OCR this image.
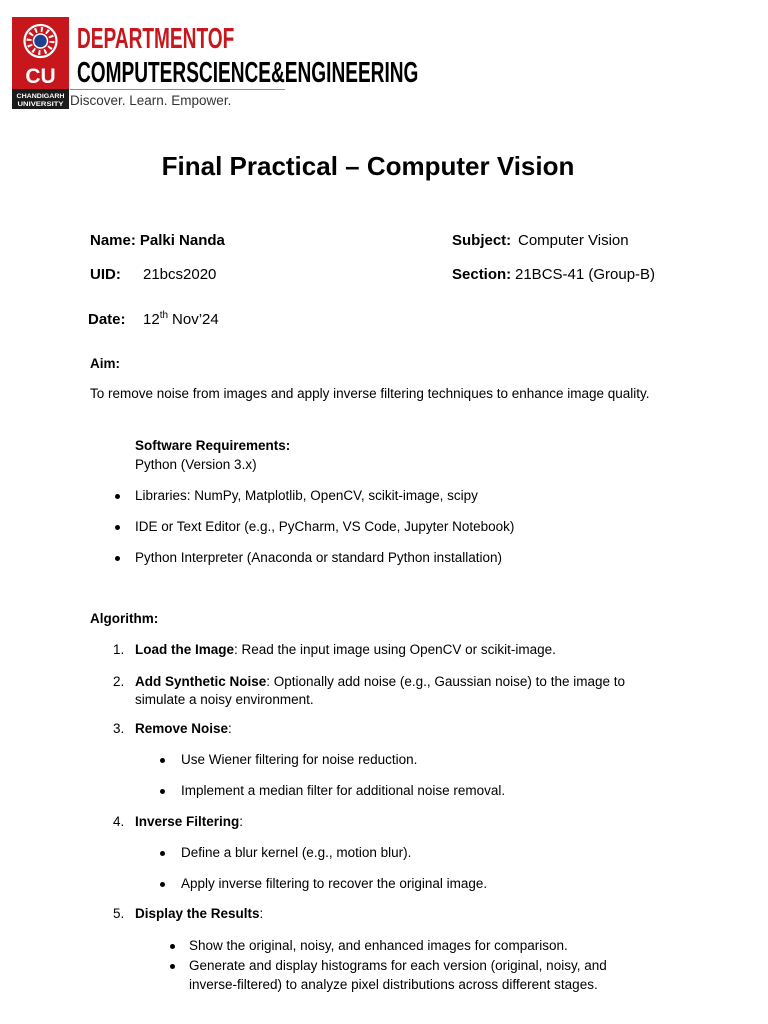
CU
CHANDIGARH
UNIVERSITY
DEPARTMENTOF
COMPUTERSCIENCE&ENGINEERING
Discover. Learn. Empower.
Final Practical – Computer Vision
Name: Palki Nanda	Subject: Computer Vision
UID: 21bcs2020	Section: 21BCS-41 (Group-B)
Date: 12th Nov’24
Aim:
To remove noise from images and apply inverse filtering techniques to enhance image quality.
Software Requirements:
Python (Version 3.x)
Libraries: NumPy, Matplotlib, OpenCV, scikit-image, scipy
IDE or Text Editor (e.g., PyCharm, VS Code, Jupyter Notebook)
Python Interpreter (Anaconda or standard Python installation)
Algorithm:
1. Load the Image: Read the input image using OpenCV or scikit-image.
2. Add Synthetic Noise: Optionally add noise (e.g., Gaussian noise) to the image to
simulate a noisy environment.
3. Remove Noise:
Use Wiener filtering for noise reduction.
Implement a median filter for additional noise removal.
4. Inverse Filtering:
Define a blur kernel (e.g., motion blur).
Apply inverse filtering to recover the original image.
5. Display the Results:
Show the original, noisy, and enhanced images for comparison.
Generate and display histograms for each version (original, noisy, and
inverse-filtered) to analyze pixel distributions across different stages.
